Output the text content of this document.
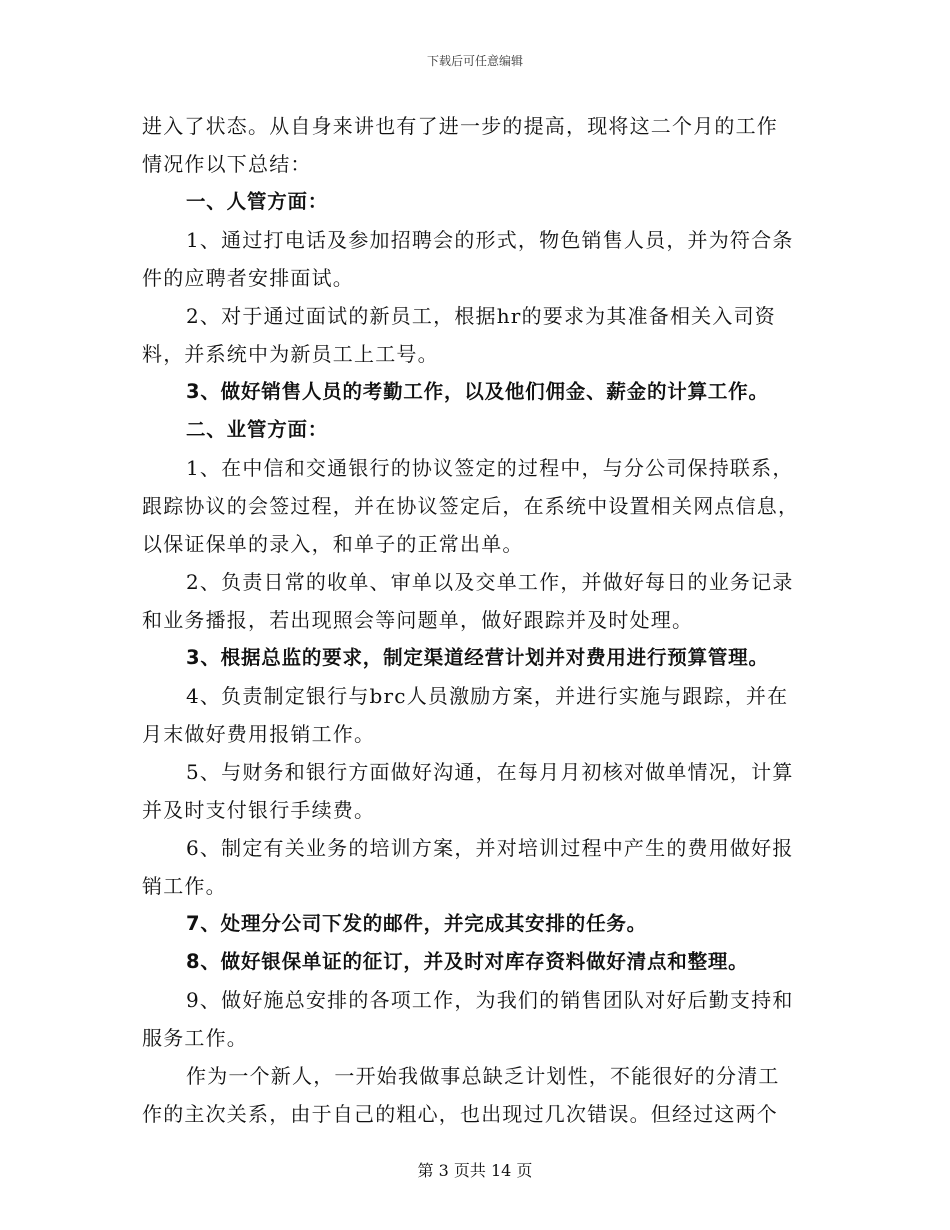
下载后可任意编辑
进入了状态。从自身来讲也有了进一步的提高，现将这二个月的工作
情况作以下总结：
一、人管方面：
1、通过打电话及参加招聘会的形式，物色销售人员，并为符合条
件的应聘者安排面试。
2、对于通过面试的新员工，根据hr的要求为其准备相关入司资
料，并系统中为新员工上工号。
3、做好销售人员的考勤工作，以及他们佣金、薪金的计算工作。
二、业管方面：
1、在中信和交通银行的协议签定的过程中，与分公司保持联系，
跟踪协议的会签过程，并在协议签定后，在系统中设置相关网点信息，
以保证保单的录入，和单子的正常出单。
2、负责日常的收单、审单以及交单工作，并做好每日的业务记录
和业务播报，若出现照会等问题单，做好跟踪并及时处理。
3、根据总监的要求，制定渠道经营计划并对费用进行预算管理。
4、负责制定银行与brc人员激励方案，并进行实施与跟踪，并在
月末做好费用报销工作。
5、与财务和银行方面做好沟通，在每月月初核对做单情况，计算
并及时支付银行手续费。
6、制定有关业务的培训方案，并对培训过程中产生的费用做好报
销工作。
7、处理分公司下发的邮件，并完成其安排的任务。
8、做好银保单证的征订，并及时对库存资料做好清点和整理。
9、做好施总安排的各项工作，为我们的销售团队对好后勤支持和
服务工作。
作为一个新人，一开始我做事总缺乏计划性，不能很好的分清工
作的主次关系，由于自己的粗心，也出现过几次错误。但经过这两个
第 3 页共 14 页
